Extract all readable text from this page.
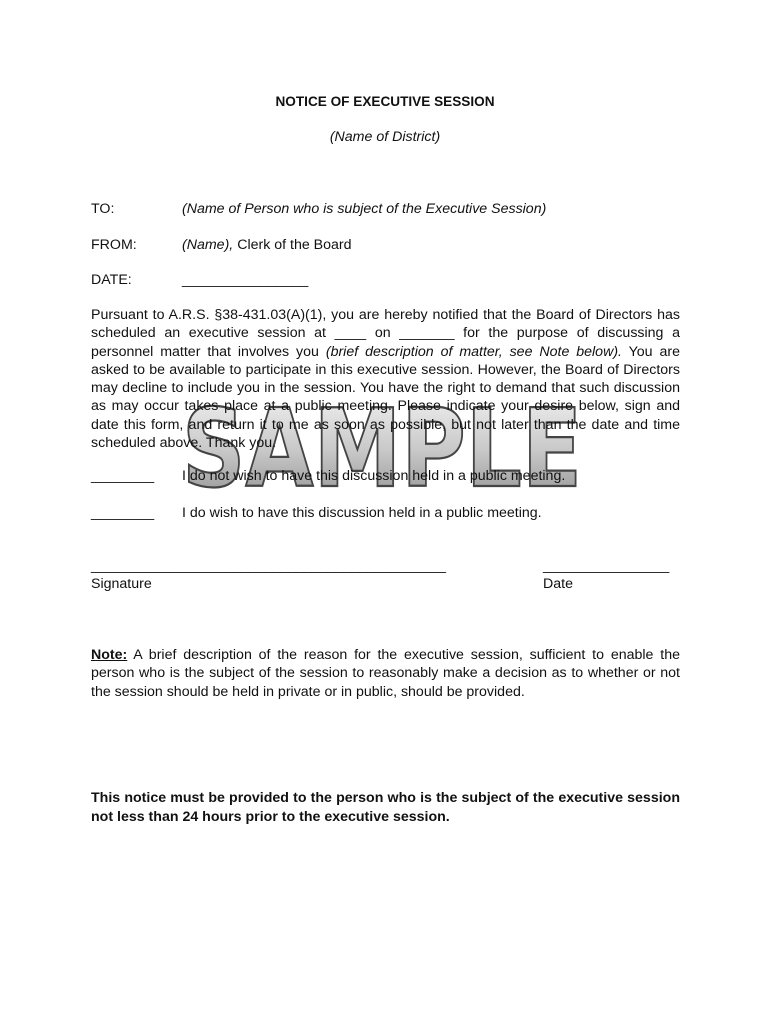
SAMPLE
NOTICE OF EXECUTIVE SESSION
(Name of District)
TO:	(Name of Person who is subject of the Executive Session)
FROM:	(Name), Clerk of the Board
DATE:	________________
Pursuant to A.R.S. §38-431.03(A)(1), you are hereby notified that the Board of Directors has scheduled an executive session at ____ on _______ for the purpose of discussing a personnel matter that involves you (brief description of matter, see Note below). You are asked to be available to participate in this executive session. However, the Board of Directors may decline to include you in the session. You have the right to demand that such discussion as may occur takes place at a public meeting. Please indicate your desire below, sign and date this form, and return it to me as soon as possible, but not later than the date and time scheduled above. Thank you.
________ I do not wish to have this discussion held in a public meeting.
________ I do wish to have this discussion held in a public meeting.
_____________________________________________
Signature
________________
Date
Note: A brief description of the reason for the executive session, sufficient to enable the person who is the subject of the session to reasonably make a decision as to whether or not the session should be held in private or in public, should be provided.
This notice must be provided to the person who is the subject of the executive session not less than 24 hours prior to the executive session.
